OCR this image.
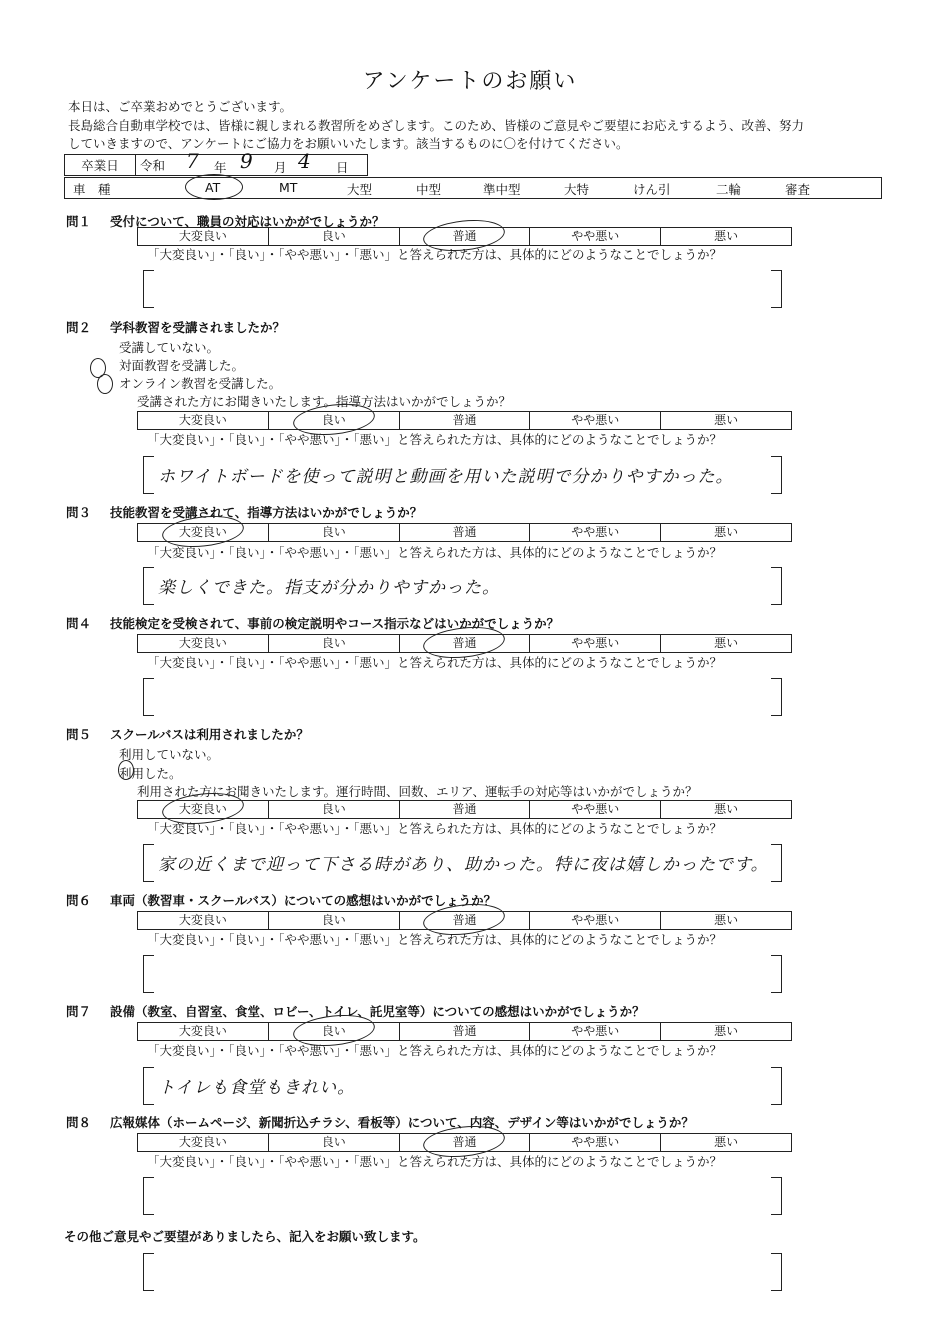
アンケートのお願い
本日は、ご卒業おめでとうございます。
長島総合自動車学校では、皆様に親しまれる教習所をめざします。このため、皆様のご意見やご要望にお応えするよう、改善、努力
していきますので、アンケートにご協力をお願いいたします。該当するものに〇を付けてください。
卒業日	令和 7 年 9 月 4 日
車　種	AT	MT	大型	中型	準中型	大特	けん引	二輪	審査
問１ 受付について、職員の対応はいかがでしょうか？
大変良い	良い	普通	やや悪い	悪い
「大変良い」・「良い」・「やや悪い」・「悪い」と答えられた方は、具体的にどのようなことでしょうか？
問２ 学科教習を受講されましたか？
受講していない。
対面教習を受講した。
オンライン教習を受講した。
受講された方にお聞きいたします。指導方法はいかがでしょうか？
大変良い	良い	普通	やや悪い	悪い
「大変良い」・「良い」・「やや悪い」・「悪い」と答えられた方は、具体的にどのようなことでしょうか？
ホワイトボードを使って説明と動画を用いた説明で分かりやすかった。
問３ 技能教習を受講されて、指導方法はいかがでしょうか？
大変良い	良い	普通	やや悪い	悪い
「大変良い」・「良い」・「やや悪い」・「悪い」と答えられた方は、具体的にどのようなことでしょうか？
楽しくできた。指支が分かりやすかった。
問４ 技能検定を受検されて、事前の検定説明やコース指示などはいかがでしょうか？
大変良い	良い	普通	やや悪い	悪い
「大変良い」・「良い」・「やや悪い」・「悪い」と答えられた方は、具体的にどのようなことでしょうか？
問５ スクールバスは利用されましたか？
利用していない。
利用した。
利用された方にお聞きいたします。運行時間、回数、エリア、運転手の対応等はいかがでしょうか？
大変良い	良い	普通	やや悪い	悪い
「大変良い」・「良い」・「やや悪い」・「悪い」と答えられた方は、具体的にどのようなことでしょうか？
家の近くまで迎って下さる時があり、助かった。特に夜は嬉しかったです。
問６ 車両（教習車・スクールバス）についての感想はいかがでしょうか？
大変良い	良い	普通	やや悪い	悪い
「大変良い」・「良い」・「やや悪い」・「悪い」と答えられた方は、具体的にどのようなことでしょうか？
問７ 設備（教室、自習室、食堂、ロビー、トイレ、託児室等）についての感想はいかがでしょうか？
大変良い	良い	普通	やや悪い	悪い
「大変良い」・「良い」・「やや悪い」・「悪い」と答えられた方は、具体的にどのようなことでしょうか？
トイレも食堂もきれい。
問８ 広報媒体（ホームページ、新聞折込チラシ、看板等）について、内容、デザイン等はいかがでしょうか？
大変良い	良い	普通	やや悪い	悪い
「大変良い」・「良い」・「やや悪い」・「悪い」と答えられた方は、具体的にどのようなことでしょうか？
その他ご意見やご要望がありましたら、記入をお願い致します。
